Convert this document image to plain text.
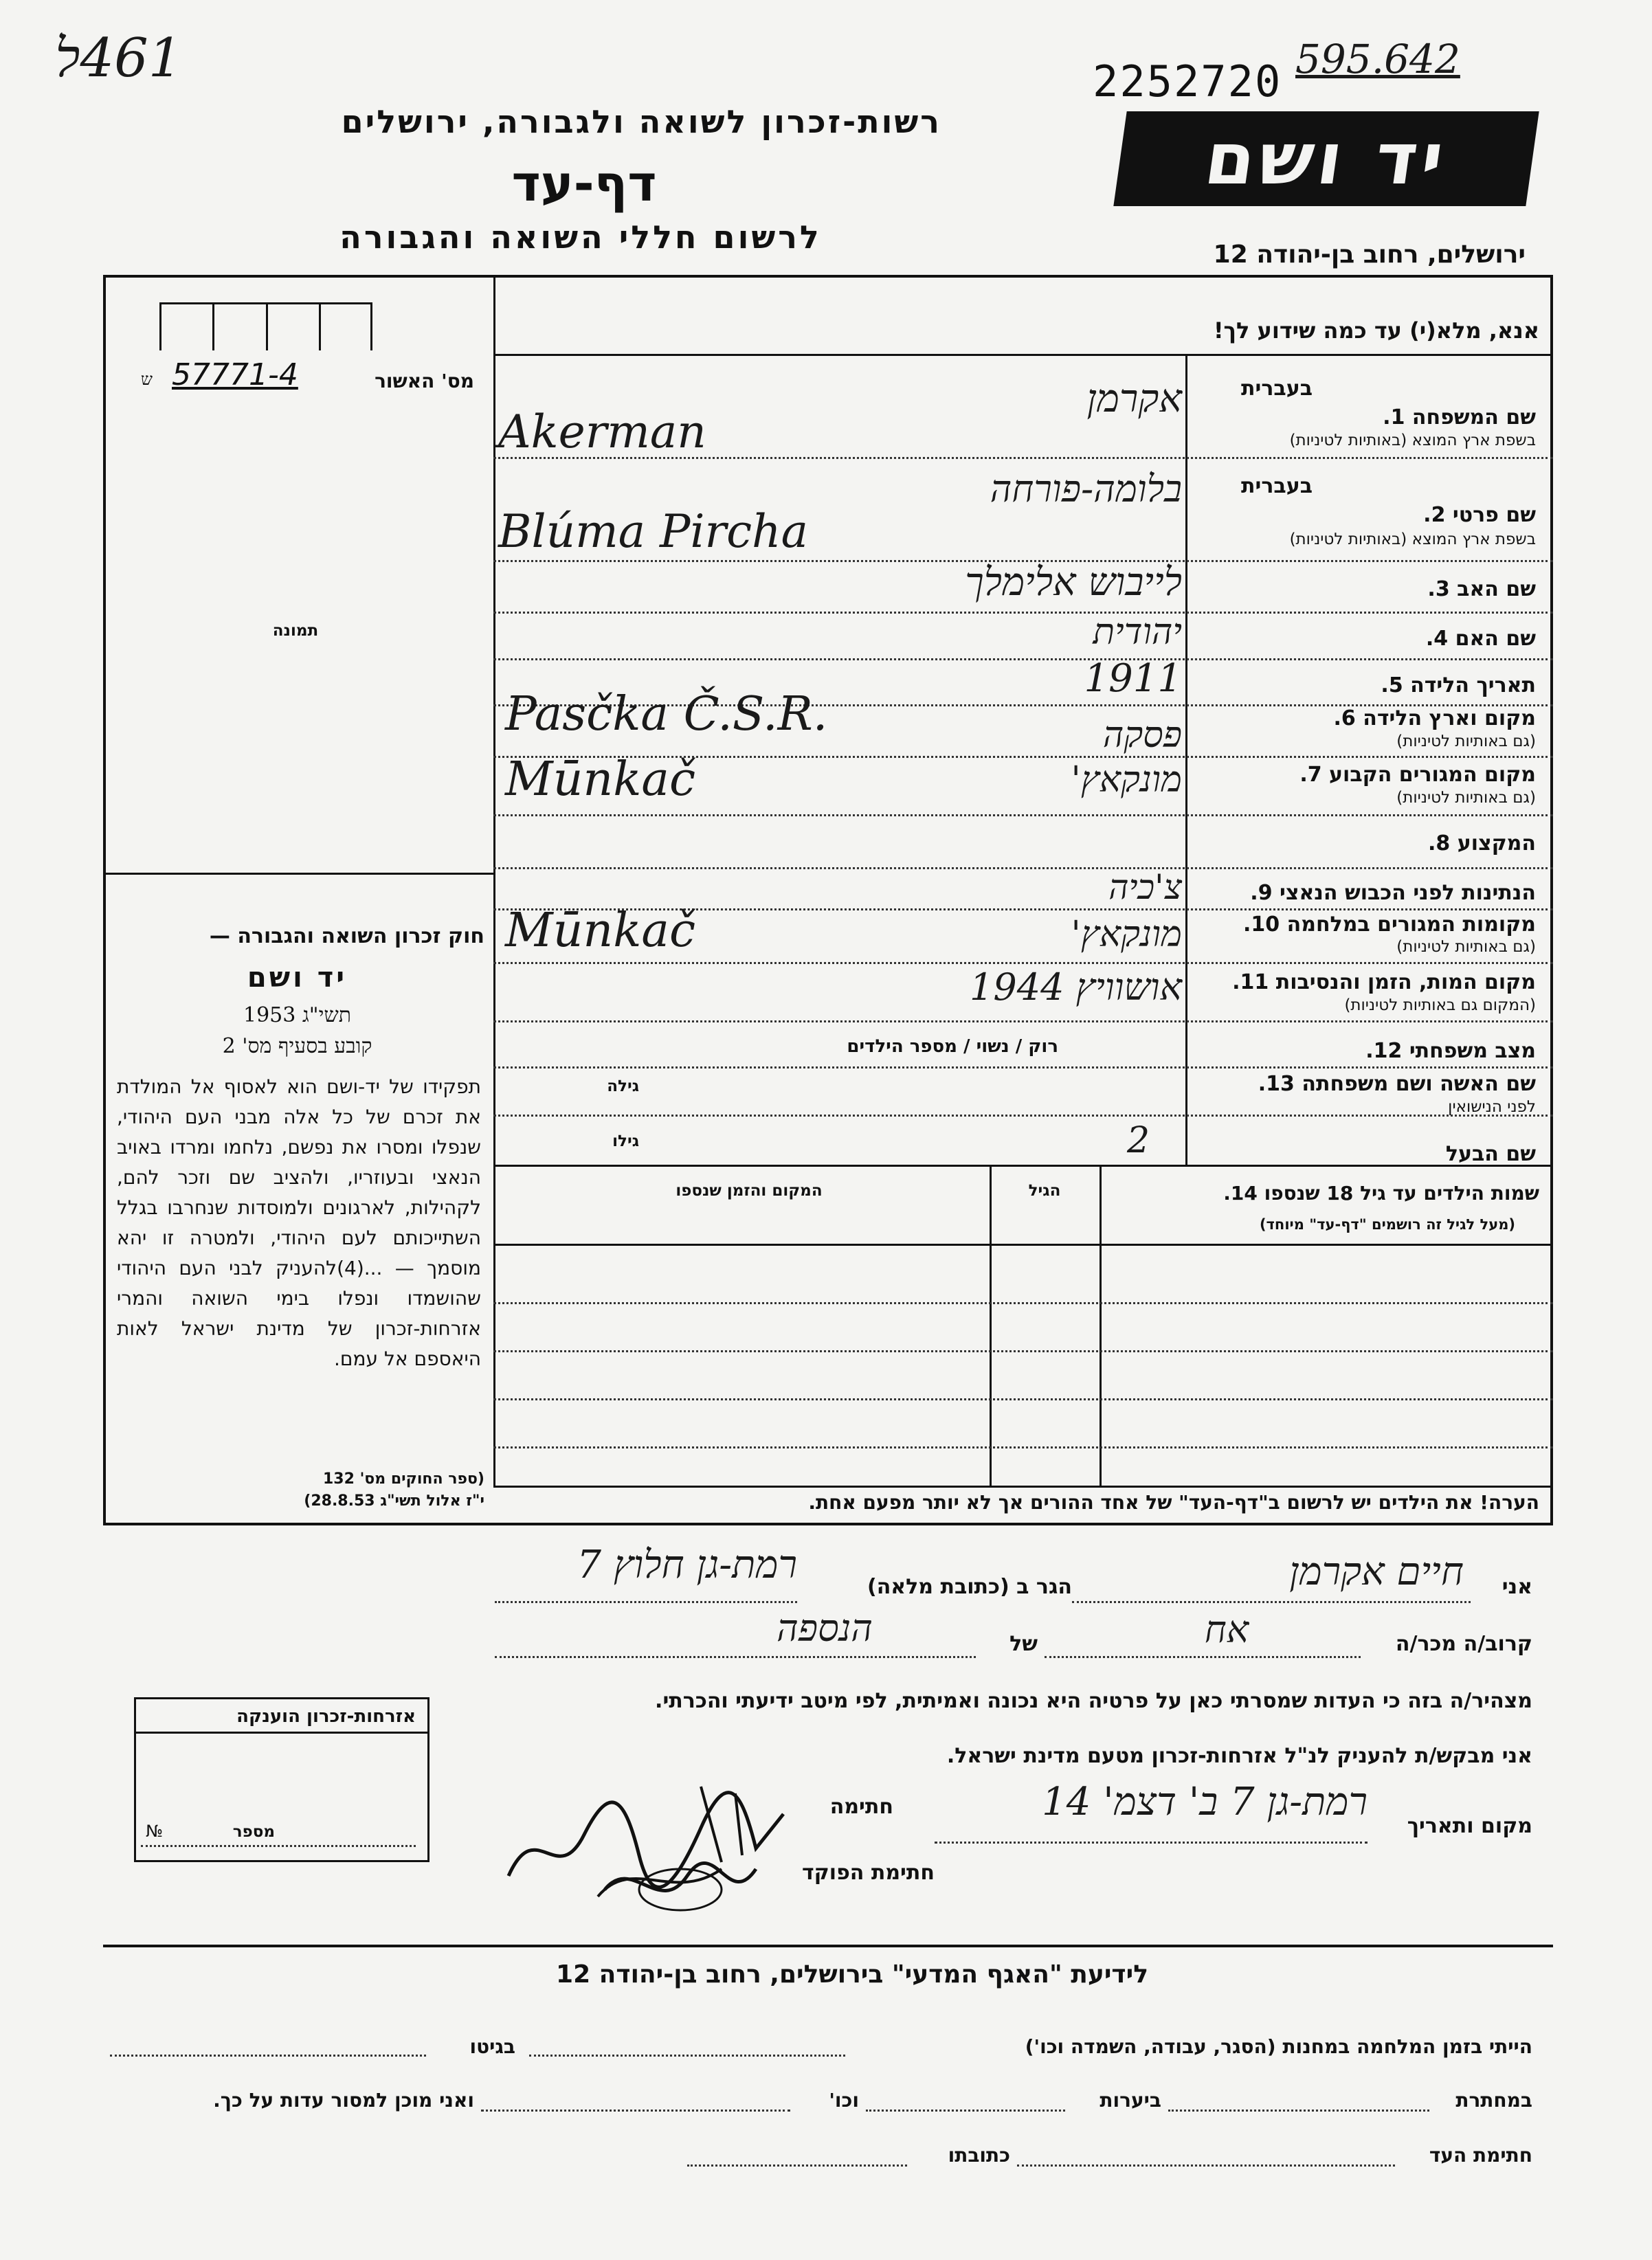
461ל	2252720 595.642
רשות-זכרון לשואה ולגבורה, ירושלים
דף-עד
לרשום חללי השואה והגבורה
יד ושם
ירושלים, רחוב בן-יהודה 12
אנא, מלא(י) עד כמה שידוע לך!
מס' האשור
57771-4
ש
תמונה
חוק זכרון השואה והגבורה —
יד ושם
תשי"ג 1953
קובע בסעיף מס' 2
תפקידו של יד-ושם הוא לאסוף אל המולדת את זכרם של כל אלה מבני העם היהודי, שנפלו ומסרו את נפשם, נלחמו ומרדו באויב הנאצי ובעוזריו, ולהציב שם וזכר להם, לקהילות, לארגונים ולמוסדות שנחרבו בגלל השתייכותם לעם היהודי, ולמטרה זו יהא מוסמך — ...(4)להעניק לבני העם היהודי שהושמדו ונפלו בימי השואה והמרי אזרחות-זכרון של מדינת ישראל לאות היאספם אל עמם.
(ספר החוקים מס' 132
י"ז אלול תשי"ג 28.8.53)
בעברית
שם המשפחה 1.
בשפת ארץ המוצא (באותיות לטיניות)
אקרמן
Akerman
בעברית
שם פרטי 2.
בשפת ארץ המוצא (באותיות לטיניות)
בלומה-פורחה
Blúma Pircha
שם האב 3.
לייבוש אלימלך
שם האם 4.
יהודית
תאריך הלידה 5.
1911
מקום וארץ הלידה 6.
(גם באותיות לטיניות)
פסקה
Pasčka Č.S.R.
מקום המגורים הקבוע 7.
(גם באותיות לטיניות)
מונקאץ'
Mūnkač
המקצוע 8.
הנתינות לפני הכבוש הנאצי 9.
צ'כיה
מקומות המגורים במלחמה 10.
(גם באותיות לטיניות)
מונקאץ'
Mūnkač
מקום המות, הזמן והנסיבות 11.
(המקום גם באותיות לטיניות)
אושוויץ 1944
מצב משפחתי 12.
רוק / נשוי / מספר הילדים
שם האשה ושם משפחתה 13.
לפני הנישואין
גילה
שם הבעל
גילו	2
שמות הילדים עד גיל 18 שנספו 14.
(מעל לגיל זה רושמים "דף-עד" מיוחד)
הגיל
המקום והזמן שנספו
הערה! את הילדים יש לרשום ב"דף-העד" של אחד ההורים אך לא יותר מפעם אחת.
אני
חיים אקרמן
הגר ב (כתובת מלאה)
רמת-גן חלוץ 7
קרוב/ה מכר/ה
אח
של
הנספה
מצהיר/ה בזה כי העדות שמסרתי כאן על פרטיה היא נכונה ואמיתית, לפי מיטב ידיעתי והכרתי.
אני מבקש/ת להעניק לנ"ל אזרחות-זכרון מטעם מדינת ישראל.
מקום ותאריך
רמת-גן 7 ב' דצמ' 14
חתימה
חתימת הפוקד
אזרחות-זכרון הוענקה
מספר
№
לידיעת "האגף המדעי" בירושלים, רחוב בן-יהודה 12
הייתי בזמן המלחמה במחנות (הסגר, עבודה, השמדה וכו')
בגיטו
במחתרת
ביערות
וכו'
ואני מוכן למסור עדות על כך.
חתימת העד
כתובתו
